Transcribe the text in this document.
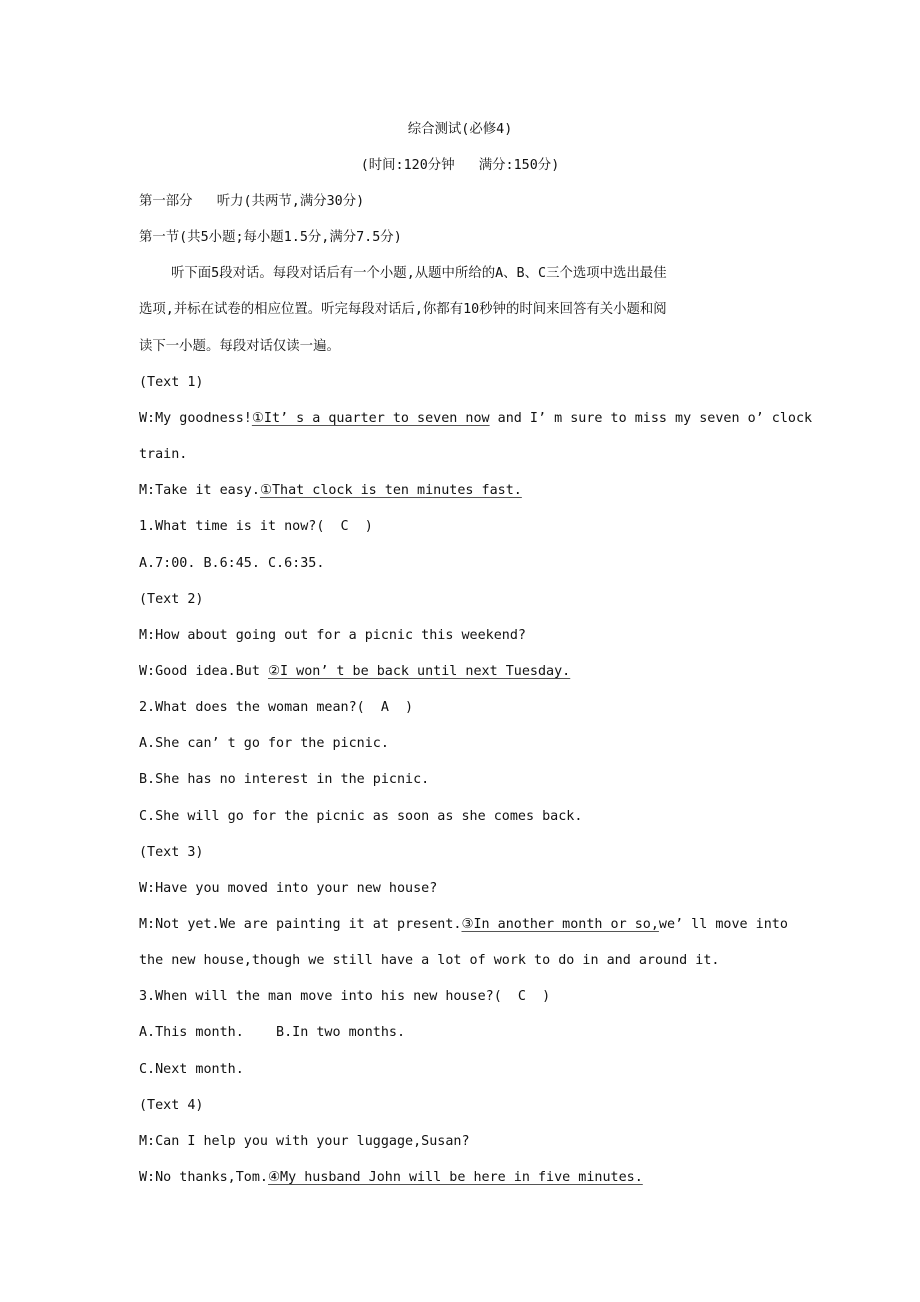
综合测试(必修4)
(时间:120分钟   满分:150分)
第一部分   听力(共两节,满分30分)
第一节(共5小题;每小题1.5分,满分7.5分)
听下面5段对话。每段对话后有一个小题,从题中所给的A、B、C三个选项中选出最佳
选项,并标在试卷的相应位置。听完每段对话后,你都有10秒钟的时间来回答有关小题和阅
读下一小题。每段对话仅读一遍。
(Text 1)
W:My goodness!①It’ s a quarter to seven now and I’ m sure to miss my seven o’ clock
train.
M:Take it easy.①That clock is ten minutes fast.
1.What time is it now?(  C  )
A.7:00. B.6:45. C.6:35.
(Text 2)
M:How about going out for a picnic this weekend?
W:Good idea.But ②I won’ t be back until next Tuesday.
2.What does the woman mean?(  A  )
A.She can’ t go for the picnic.
B.She has no interest in the picnic.
C.She will go for the picnic as soon as she comes back.
(Text 3)
W:Have you moved into your new house?
M:Not yet.We are painting it at present.③In another month or so,we’ ll move into
the new house,though we still have a lot of work to do in and around it.
3.When will the man move into his new house?(  C  )
A.This month.    B.In two months.
C.Next month.
(Text 4)
M:Can I help you with your luggage,Susan?
W:No thanks,Tom.④My husband John will be here in five minutes.
